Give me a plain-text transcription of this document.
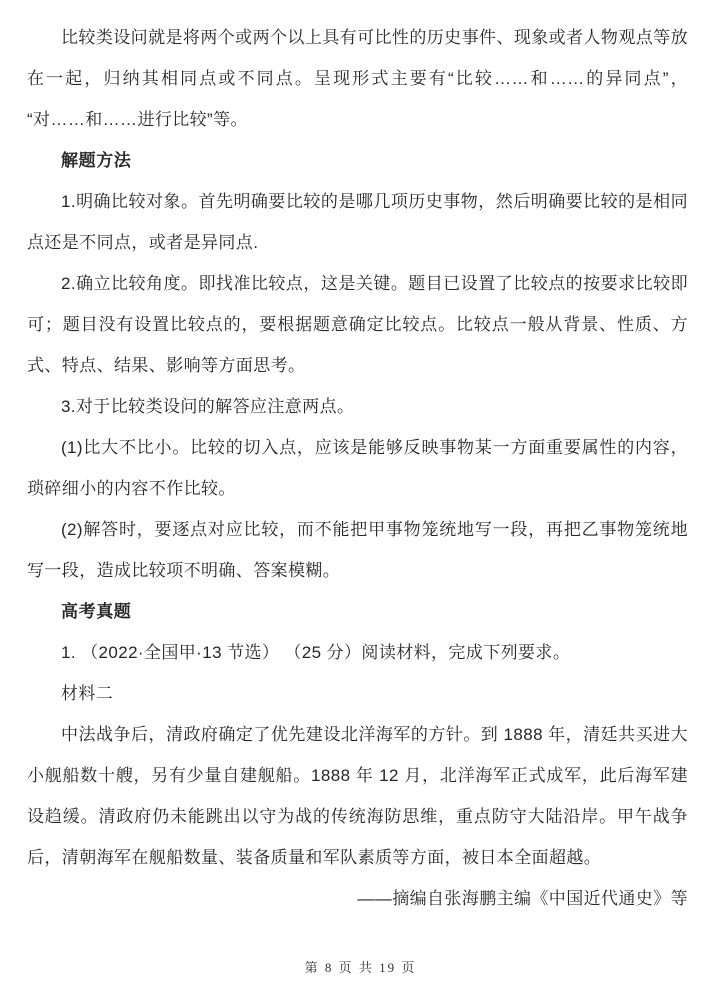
比较类设问就是将两个或两个以上具有可比性的历史事件、现象或者人物观点等放在一起，归纳其相同点或不同点。呈现形式主要有“比较……和……的异同点”，“对……和……进行比较”等。

解题方法

1.明确比较对象。首先明确要比较的是哪几项历史事物，然后明确要比较的是相同点还是不同点，或者是异同点.

2.确立比较角度。即找准比较点，这是关键。题目已设置了比较点的按要求比较即可；题目没有设置比较点的，要根据题意确定比较点。比较点一般从背景、性质、方式、特点、结果、影响等方面思考。

3.对于比较类设问的解答应注意两点。

(1)比大不比小。比较的切入点，应该是能够反映事物某一方面重要属性的内容，琐碎细小的内容不作比较。

(2)解答时，要逐点对应比较，而不能把甲事物笼统地写一段，再把乙事物笼统地写一段，造成比较项不明确、答案模糊。

高考真题

1. （2022·全国甲·13 节选） （25 分）阅读材料，完成下列要求。

材料二

中法战争后，清政府确定了优先建设北洋海军的方针。到 1888 年，清廷共买进大小舰船数十艘，另有少量自建舰船。1888 年 12 月，北洋海军正式成军，此后海军建设趋缓。清政府仍未能跳出以守为战的传统海防思维，重点防守大陆沿岸。甲午战争后，清朝海军在舰船数量、装备质量和军队素质等方面，被日本全面超越。

——摘编自张海鹏主编《中国近代通史》等

第 8 页 共 19 页
